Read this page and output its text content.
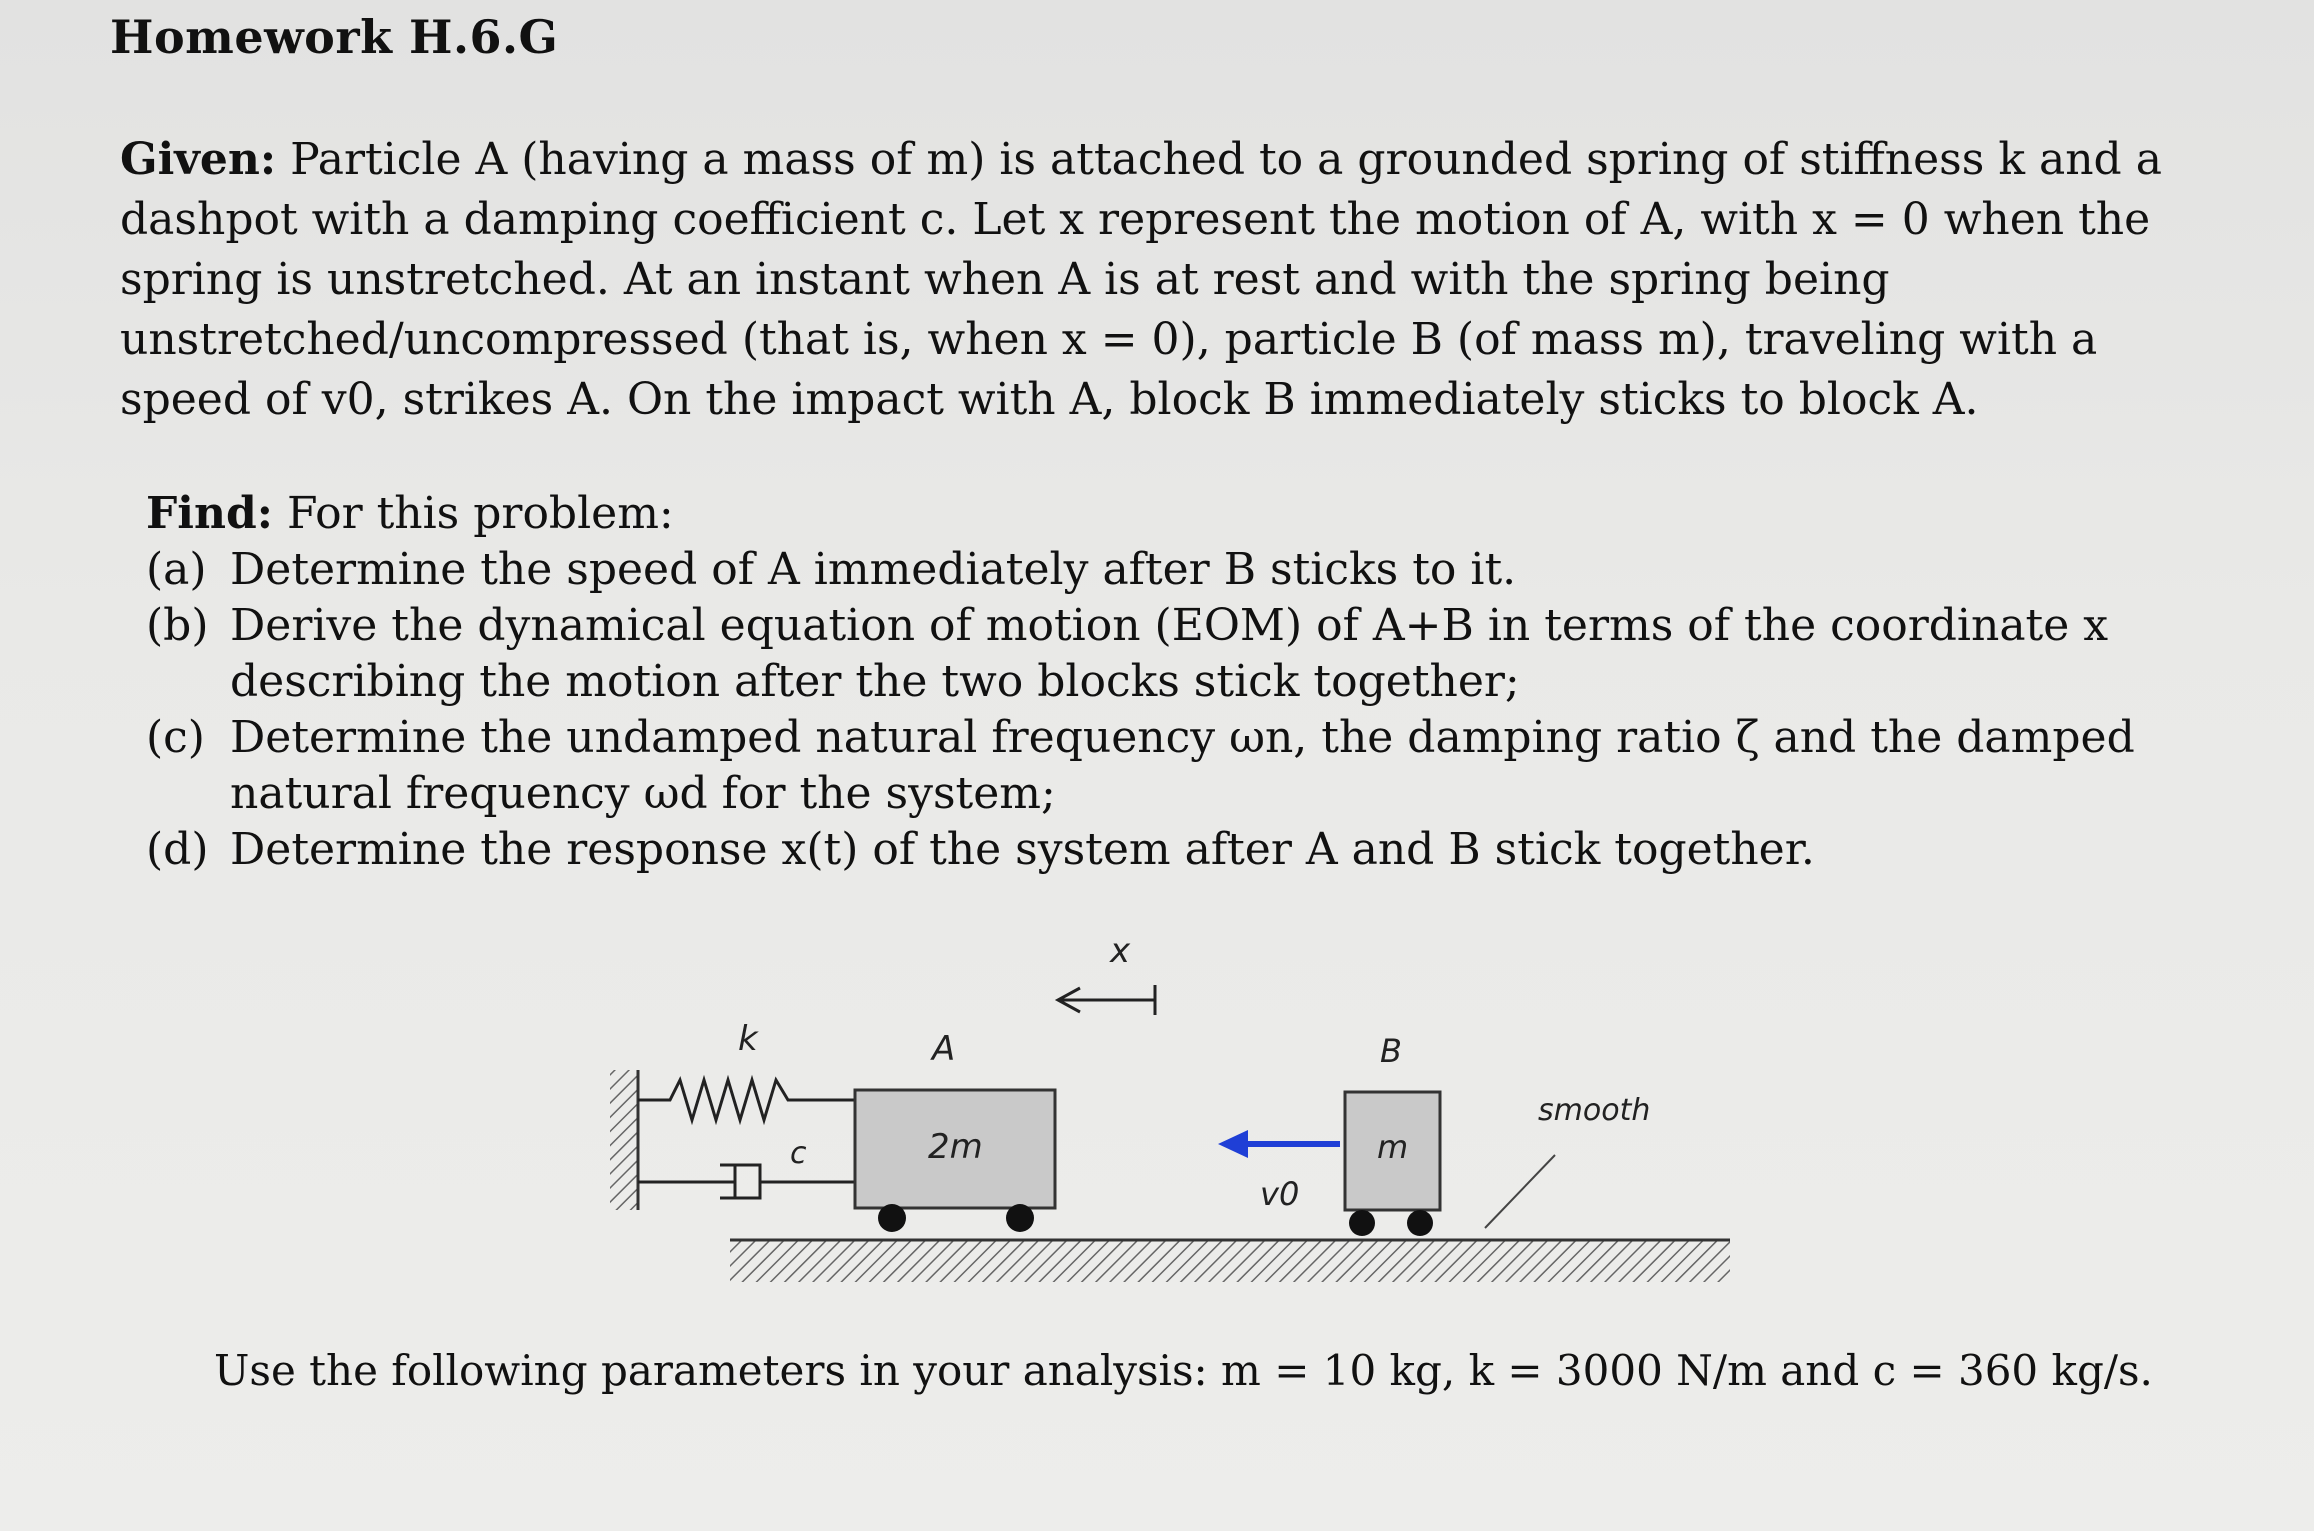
Homework H.6.G

Given: Particle A (having a mass of m) is attached to a grounded spring of stiffness k and a dashpot with a damping coefficient c. Let x represent the motion of A, with x = 0 when the spring is unstretched. At an instant when A is at rest and with the spring being unstretched/uncompressed (that is, when x = 0), particle B (of mass m), traveling with a speed of v0, strikes A. On the impact with A, block B immediately sticks to block A.

Find: For this problem:
(a) Determine the speed of A immediately after B sticks to it.
(b) Derive the dynamical equation of motion (EOM) of A+B in terms of the coordinate x describing the motion after the two blocks stick together;
(c) Determine the undamped natural frequency ωn, the damping ratio ζ and the damped natural frequency ωd for the system;
(d) Determine the response x(t) of the system after A and B stick together.
k
c
A
2m
x
v0
B
m
smooth
Use the following parameters in your analysis: m = 10 kg, k = 3000 N/m and c = 360 kg/s.
